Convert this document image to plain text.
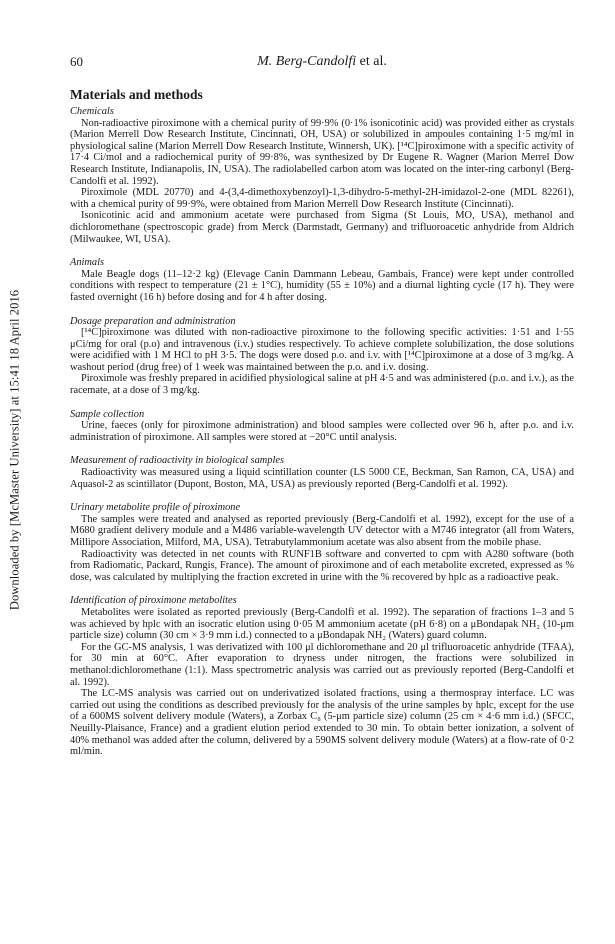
60	M. Berg-Candolfi et al.
Downloaded by [McMaster University] at 15:41 18 April 2016
Materials and methods

Chemicals

Non-radioactive piroximone with a chemical purity of 99·9% (0·1% isonicotinic acid) was provided either as crystals (Marion Merrell Dow Research Institute, Cincinnati, OH, USA) or solubilized in ampoules containing 1·5 mg/ml in physiological saline (Marion Merrell Dow Research Institute, Winnersh, UK). [¹⁴C]piroximone with a specific activity of 17·4 Ci/mol and a radiochemical purity of 99·8%, was synthesized by Dr Eugene R. Wagner (Marion Merrel Dow Research Institute, Indianapolis, IN, USA). The radiolabelled carbon atom was located on the inter-ring carbonyl (Berg-Candolfi et al. 1992).

Piroximole (MDL 20770) and 4-(3,4-dimethoxybenzoyl)-1,3-dihydro-5-methyl-2H-imidazol-2-one (MDL 82261), with a chemical purity of 99·9%, were obtained from Marion Merrell Dow Research Institute (Cincinnati).

Isonicotinic acid and ammonium acetate were purchased from Sigma (St Louis, MO, USA), methanol and dichloromethane (spectroscopic grade) from Merck (Darmstadt, Germany) and trifluoroacetic anhydride from Aldrich (Milwaukee, WI, USA).

Animals

Male Beagle dogs (11–12·2 kg) (Elevage Canin Dammann Lebeau, Gambais, France) were kept under controlled conditions with respect to temperature (21 ± 1°C), humidity (55 ± 10%) and a diurnal lighting cycle (17 h). They were fasted overnight (16 h) before dosing and for 4 h after dosing.

Dosage preparation and administration

[¹⁴C]piroximone was diluted with non-radioactive piroximone to the following specific activities: 1·51 and 1·55 μCi/mg for oral (p.o) and intravenous (i.v.) studies respectively. To achieve complete solubilization, the dose solutions were acidified with 1 M HCl to pH 3·5. The dogs were dosed p.o. and i.v. with [¹⁴C]piroximone at a dose of 3 mg/kg. A washout period (drug free) of 1 week was maintained between the p.o. and i.v. dosing.

Piroximole was freshly prepared in acidified physiological saline at pH 4·5 and was administered (p.o. and i.v.), as the racemate, at a dose of 3 mg/kg.

Sample collection

Urine, faeces (only for piroximone administration) and blood samples were collected over 96 h, after p.o. and i.v. administration of piroximone. All samples were stored at −20°C until analysis.

Measurement of radioactivity in biological samples

Radioactivity was measured using a liquid scintillation counter (LS 5000 CE, Beckman, San Ramon, CA, USA) and Aquasol-2 as scintillator (Dupont, Boston, MA, USA) as previously reported (Berg-Candolfi et al. 1992).

Urinary metabolite profile of piroximone

The samples were treated and analysed as reported previously (Berg-Candolfi et al. 1992), except for the use of a M680 gradient delivery module and a M486 variable-wavelength UV detector with a M746 integrator (all from Waters, Millipore Association, Milford, MA, USA). Tetrabutylammonium acetate was also absent from the mobile phase.

Radioactivity was detected in net counts with RUNF1B software and converted to cpm with A280 software (both from Radiomatic, Packard, Rungis, France). The amount of piroximone and of each metabolite excreted, expressed as % dose, was calculated by multiplying the fraction excreted in urine with the % recovered by hplc as a radioactive peak.

Identification of piroximone metabolites

Metabolites were isolated as reported previously (Berg-Candolfi et al. 1992). The separation of fractions 1–3 and 5 was achieved by hplc with an isocratic elution using 0·05 M ammonium acetate (pH 6·8) on a μBondapak NH₂ (10-μm particle size) column (30 cm × 3·9 mm i.d.) connected to a μBondapak NH₂ (Waters) guard column.

For the GC-MS analysis, 1 was derivatized with 100 μl dichloromethane and 20 μl trifluoroacetic anhydride (TFAA), for 30 min at 60°C. After evaporation to dryness under nitrogen, the fractions were solubilized in methanol:dichloromethane (1:1). Mass spectrometric analysis was carried out as previously reported (Berg-Candolfi et al. 1992).

The LC-MS analysis was carried out on underivatized isolated fractions, using a thermospray interface. LC was carried out using the conditions as described previously for the analysis of the urine samples by hplc, except for the use of a 600MS solvent delivery module (Waters), a Zorbax C₈ (5-μm particle size) column (25 cm × 4·6 mm i.d.) (SFCC, Neuilly-Plaisance, France) and a gradient elution period extended to 30 min. To obtain better ionization, a solvent of 40% methanol was added after the column, delivered by a 590MS solvent delivery module (Waters) at a flow-rate of 0·2 ml/min.
